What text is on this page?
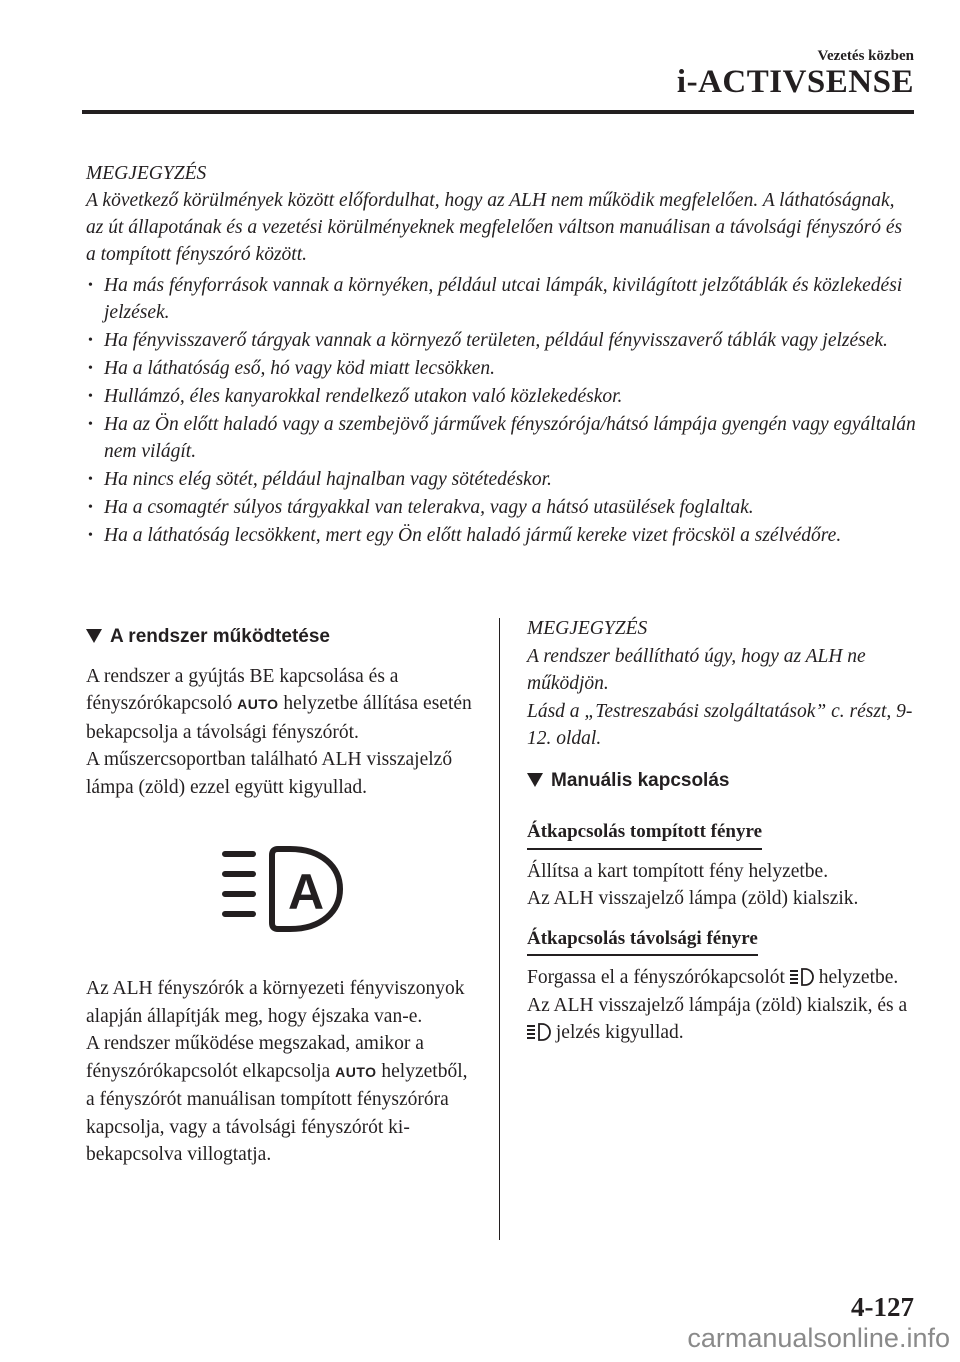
Vezetés közben
i-ACTIVSENSE
MEGJEGYZÉS
A következő körülmények között előfordulhat, hogy az ALH nem működik megfelelően. A láthatóságnak, az út állapotának és a vezetési körülményeknek megfelelően váltson manuálisan a távolsági fényszóró és a tompított fényszóró között.
• Ha más fényforrások vannak a környéken, például utcai lámpák, kivilágított jelzőtáblák és közlekedési jelzések.
• Ha fényvisszaverő tárgyak vannak a környező területen, például fényvisszaverő táblák vagy jelzések.
• Ha a láthatóság eső, hó vagy köd miatt lecsökken.
• Hullámzó, éles kanyarokkal rendelkező utakon való közlekedéskor.
• Ha az Ön előtt haladó vagy a szembejövő járművek fényszórója/hátsó lámpája gyengén vagy egyáltalán nem világít.
• Ha nincs elég sötét, például hajnalban vagy sötétedéskor.
• Ha a csomagtér súlyos tárgyakkal van telerakva, vagy a hátsó utasülések foglaltak.
• Ha a láthatóság lecsökkent, mert egy Ön előtt haladó jármű kereke vizet fröcsköl a szélvédőre.
A rendszer működtetése

A rendszer a gyújtás BE kapcsolása és a fényszórókapcsoló AUTO helyzetbe állítása esetén bekapcsolja a távolsági fényszórót.

A műszercsoportban található ALH visszajelző lámpa (zöld) ezzel együtt kigyullad.

A

Az ALH fényszórók a környezeti fényviszonyok alapján állapítják meg, hogy éjszaka van-e.

A rendszer működése megszakad, amikor a fényszórókapcsolót elkapcsolja AUTO helyzetből, a fényszórót manuálisan tompított fényszóróra kapcsolja, vagy a távolsági fényszórót ki-bekapcsolva villogtatja.

MEGJEGYZÉS
A rendszer beállítható úgy, hogy az ALH ne működjön.
Lásd a „Testreszabási szolgáltatások” c. részt, 9-12. oldal.
Manuális kapcsolás
Átkapcsolás tompított fényre

Állítsa a kart tompított fény helyzetbe.

Az ALH visszajelző lámpa (zöld) kialszik.

Átkapcsolás távolsági fényre

Forgassa el a fényszórókapcsolót  helyzetbe.

Az ALH visszajelző lámpája (zöld) kialszik, és a  jelzés kigyullad.

4-127
carmanualsonline.info
